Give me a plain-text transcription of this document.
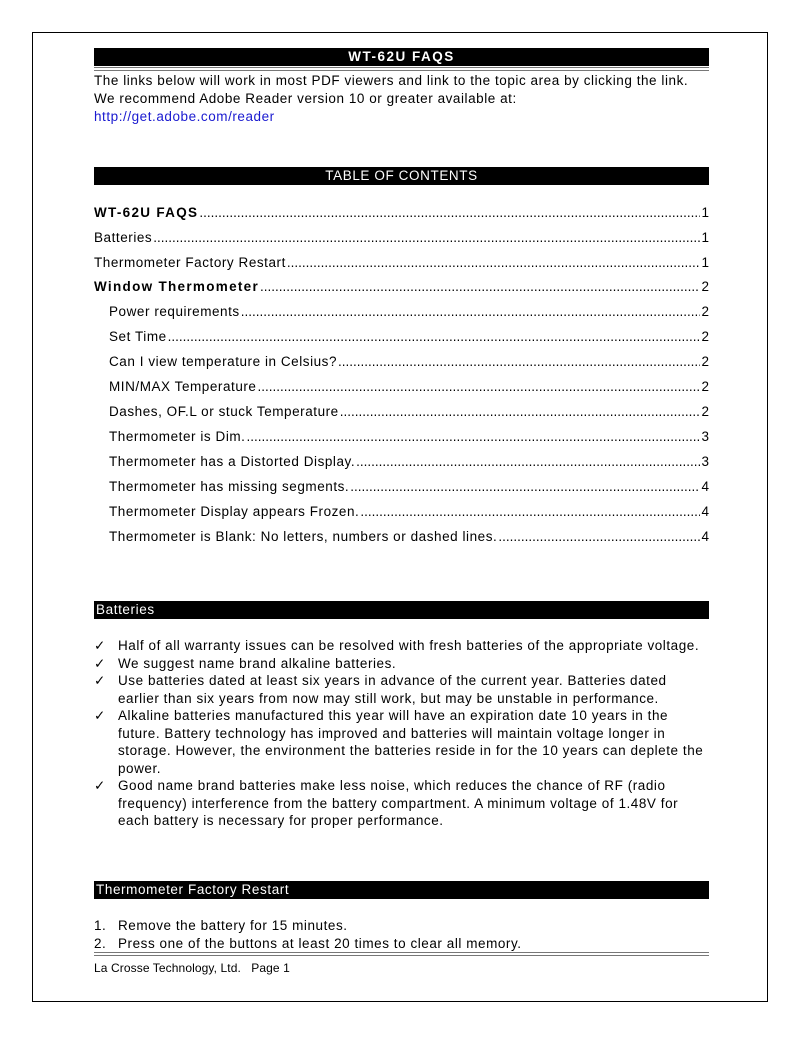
WT-62U FAQS
The links below will work in most PDF viewers and link to the topic area by clicking the link. We recommend Adobe Reader version 10 or greater available at:
http://get.adobe.com/reader
TABLE OF CONTENTS
WT-62U FAQS .....	1
Batteries .....	1
Thermometer Factory Restart .....	1
Window Thermometer .....	2
Power requirements .....	2
Set Time .....	2
Can I view temperature in Celsius? .....	2
MIN/MAX Temperature .....	2
Dashes, OF.L or stuck Temperature .....	2
Thermometer is Dim. .....	3
Thermometer has a Distorted Display. .....	3
Thermometer has missing segments. .....	4
Thermometer Display appears Frozen. .....	4
Thermometer is Blank: No letters, numbers or dashed lines. .....	4
Batteries
✓ Half of all warranty issues can be resolved with fresh batteries of the appropriate voltage.
✓ We suggest name brand alkaline batteries.
✓ Use batteries dated at least six years in advance of the current year. Batteries dated earlier than six years from now may still work, but may be unstable in performance.
✓ Alkaline batteries manufactured this year will have an expiration date 10 years in the future. Battery technology has improved and batteries will maintain voltage longer in storage. However, the environment the batteries reside in for the 10 years can deplete the power.
✓ Good name brand batteries make less noise, which reduces the chance of RF (radio frequency) interference from the battery compartment. A minimum voltage of 1.48V for each battery is necessary for proper performance.
Thermometer Factory Restart
1. Remove the battery for 15 minutes.
2. Press one of the buttons at least 20 times to clear all memory.
La Crosse Technology, Ltd.   Page 1
